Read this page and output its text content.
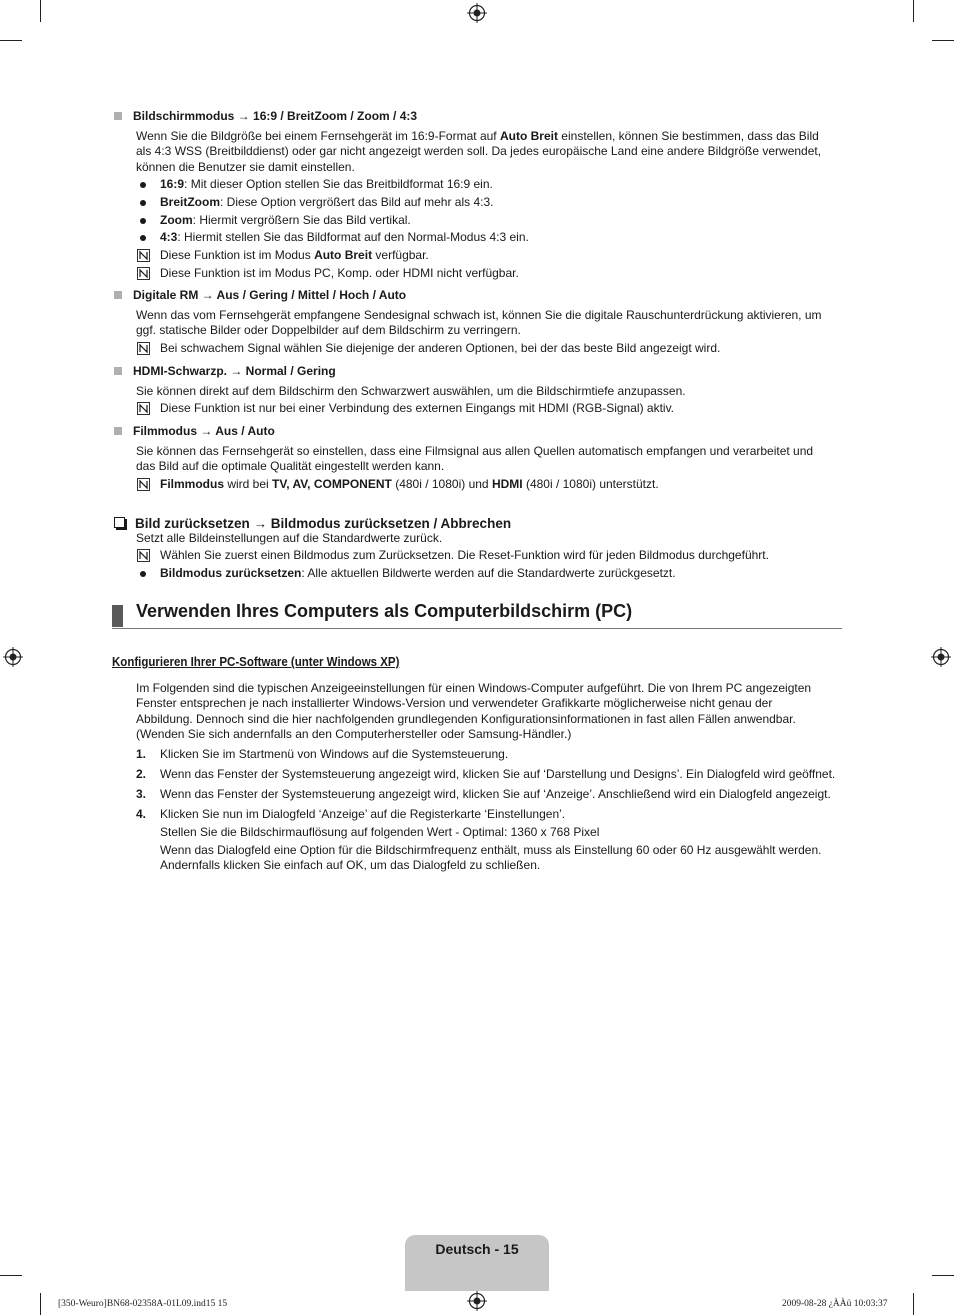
Bildschirmmodus → 16:9 / BreitZoom / Zoom / 4:3
Wenn Sie die Bildgröße bei einem Fernsehgerät im 16:9-Format auf Auto Breit einstellen, können Sie bestimmen, dass das Bild
als 4:3 WSS (Breitbilddienst) oder gar nicht angezeigt werden soll. Da jedes europäische Land eine andere Bildgröße verwendet,
können die Benutzer sie damit einstellen.
16:9: Mit dieser Option stellen Sie das Breitbildformat 16:9 ein.
BreitZoom: Diese Option vergrößert das Bild auf mehr als 4:3.
Zoom: Hiermit vergrößern Sie das Bild vertikal.
4:3: Hiermit stellen Sie das Bildformat auf den Normal-Modus 4:3 ein.
Diese Funktion ist im Modus Auto Breit verfügbar.
Diese Funktion ist im Modus PC, Komp. oder HDMI nicht verfügbar.
Digitale RM → Aus / Gering / Mittel / Hoch / Auto
Wenn das vom Fernsehgerät empfangene Sendesignal schwach ist, können Sie die digitale Rauschunterdrückung aktivieren, um
ggf. statische Bilder oder Doppelbilder auf dem Bildschirm zu verringern.
Bei schwachem Signal wählen Sie diejenige der anderen Optionen, bei der das beste Bild angezeigt wird.
HDMI-Schwarzp. → Normal / Gering
Sie können direkt auf dem Bildschirm den Schwarzwert auswählen, um die Bildschirmtiefe anzupassen.
Diese Funktion ist nur bei einer Verbindung des externen Eingangs mit HDMI (RGB-Signal) aktiv.
Filmmodus → Aus / Auto
Sie können das Fernsehgerät so einstellen, dass eine Filmsignal aus allen Quellen automatisch empfangen und verarbeitet und
das Bild auf die optimale Qualität eingestellt werden kann.
Filmmodus wird bei TV, AV, COMPONENT (480i / 1080i) und HDMI (480i / 1080i) unterstützt.
Bild zurücksetzen → Bildmodus zurücksetzen / Abbrechen
Setzt alle Bildeinstellungen auf die Standardwerte zurück.
Wählen Sie zuerst einen Bildmodus zum Zurücksetzen. Die Reset-Funktion wird für jeden Bildmodus durchgeführt.
Bildmodus zurücksetzen: Alle aktuellen Bildwerte werden auf die Standardwerte zurückgesetzt.
Verwenden Ihres Computers als Computerbildschirm (PC)
Konfigurieren Ihrer PC-Software (unter Windows XP)
Im Folgenden sind die typischen Anzeigeeinstellungen für einen Windows-Computer aufgeführt. Die von Ihrem PC angezeigten
Fenster entsprechen je nach installierter Windows-Version und verwendeter Grafikkarte möglicherweise nicht genau der
Abbildung. Dennoch sind die hier nachfolgenden grundlegenden Konfigurationsinformationen in fast allen Fällen anwendbar.
(Wenden Sie sich andernfalls an den Computerhersteller oder Samsung-Händler.)
1.	Klicken Sie im Startmenü von Windows auf die Systemsteuerung.
2.	Wenn das Fenster der Systemsteuerung angezeigt wird, klicken Sie auf ‘Darstellung und Designs’. Ein Dialogfeld wird geöffnet.
3.	Wenn das Fenster der Systemsteuerung angezeigt wird, klicken Sie auf ‘Anzeige’. Anschließend wird ein Dialogfeld angezeigt.
4.	Klicken Sie nun im Dialogfeld ‘Anzeige’ auf die Registerkarte ‘Einstellungen’.
Stellen Sie die Bildschirmauflösung auf folgenden Wert - Optimal: 1360 x 768 Pixel
Wenn das Dialogfeld eine Option für die Bildschirmfrequenz enthält, muss als Einstellung 60 oder 60 Hz ausgewählt werden.
Andernfalls klicken Sie einfach auf OK, um das Dialogfeld zu schließen.
Deutsch - 15
[350-Weuro]BN68-02358A-01L09.ind15 15	2009-08-28 ¿ÀÀü 10:03:37
